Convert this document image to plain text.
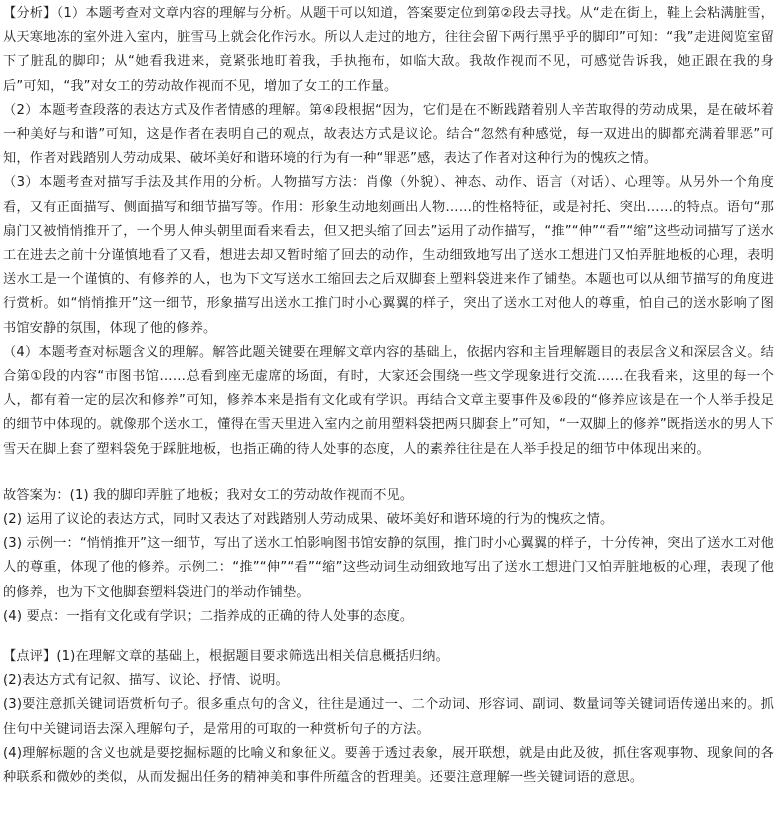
【分析】（1）本题考查对文章内容的理解与分析。从题干可以知道，答案要定位到第②段去寻找。从“走在街上，鞋上会粘满脏雪，从天寒地冻的室外进入室内，脏雪马上就会化作污水。所以人走过的地方，往往会留下两行黑乎乎的脚印”可知：“我”走进阅览室留下了脏乱的脚印；从“她看我进来，竟紧张地盯着我，手执拖布，如临大敌。我故作视而不见，可感觉告诉我，她正跟在我的身后”可知，“我”对女工的劳动故作视而不见，增加了女工的工作量。

（2）本题考查段落的表达方式及作者情感的理解。第④段根据“因为，它们是在不断践踏着别人辛苦取得的劳动成果，是在破坏着一种美好与和谐”可知，这是作者在表明自己的观点，故表达方式是议论。结合“忽然有种感觉，每一双进出的脚都充满着罪恶”可知，作者对践踏别人劳动成果、破坏美好和谐环境的行为有一种“罪恶”感，表达了作者对这种行为的愧疚之情。

（3）本题考查对描写手法及其作用的分析。人物描写方法：肖像（外貌）、神态、动作、语言（对话）、心理等。从另外一个角度看，又有正面描写、侧面描写和细节描写等。作用：形象生动地刻画出人物……的性格特征，或是衬托、突出……的特点。语句“那扇门又被悄悄推开了，一个男人伸头朝里面看来看去，但又把头缩了回去”运用了动作描写，“推”“伸”“看”“缩”这些动词描写了送水工在进去之前十分谨慎地看了又看，想进去却又暂时缩了回去的动作，生动细致地写出了送水工想进门又怕弄脏地板的心理，表明送水工是一个谨慎的、有修养的人，也为下文写送水工缩回去之后双脚套上塑料袋进来作了铺垫。本题也可以从细节描写的角度进行赏析。如“悄悄推开”这一细节，形象描写出送水工推门时小心翼翼的样子，突出了送水工对他人的尊重，怕自己的送水影响了图书馆安静的氛围，体现了他的修养。

（4）本题考查对标题含义的理解。解答此题关键要在理解文章内容的基础上，依据内容和主旨理解题目的表层含义和深层含义。结合第①段的内容“市图书馆……总看到座无虚席的场面，有时，大家还会围绕一些文学现象进行交流……在我看来，这里的每一个人，都有着一定的层次和修养”可知，修养本来是指有文化或有学识。再结合文章主要事件及⑥段的“修养应该是在一个人举手投足的细节中体现的。就像那个送水工，懂得在雪天里进入室内之前用塑料袋把两只脚套上”可知，“一双脚上的修养”既指送水的男人下雪天在脚上套了塑料袋免于踩脏地板，也指正确的待人处事的态度，人的素养往往是在人举手投足的细节中体现出来的。

故答案为：(1) 我的脚印弄脏了地板；我对女工的劳动故作视而不见。

(2) 运用了议论的表达方式，同时又表达了对践踏别人劳动成果、破坏美好和谐环境的行为的愧疚之情。

(3) 示例一：“悄悄推开”这一细节，写出了送水工怕影响图书馆安静的氛围，推门时小心翼翼的样子，十分传神，突出了送水工对他人的尊重，体现了他的修养。示例二：“推”“伸”“看”“缩”这些动词生动细致地写出了送水工想进门又怕弄脏地板的心理，表现了他的修养，也为下文他脚套塑料袋进门的举动作铺垫。

(4) 要点：一指有文化或有学识；二指养成的正确的待人处事的态度。

【点评】(1)在理解文章的基础上，根据题目要求筛选出相关信息概括归纳。

(2)表达方式有记叙、描写、议论、抒情、说明。

(3)要注意抓关键词语赏析句子。很多重点句的含义，往往是通过一、二个动词、形容词、副词、数量词等关键词语传递出来的。抓住句中关键词语去深入理解句子，是常用的可取的一种赏析句子的方法。

(4)理解标题的含义也就是要挖掘标题的比喻义和象征义。要善于透过表象，展开联想，就是由此及彼，抓住客观事物、现象间的各种联系和微妙的类似，从而发掘出任务的精神美和事件所蕴含的哲理美。还要注意理解一些关键词语的意思。
